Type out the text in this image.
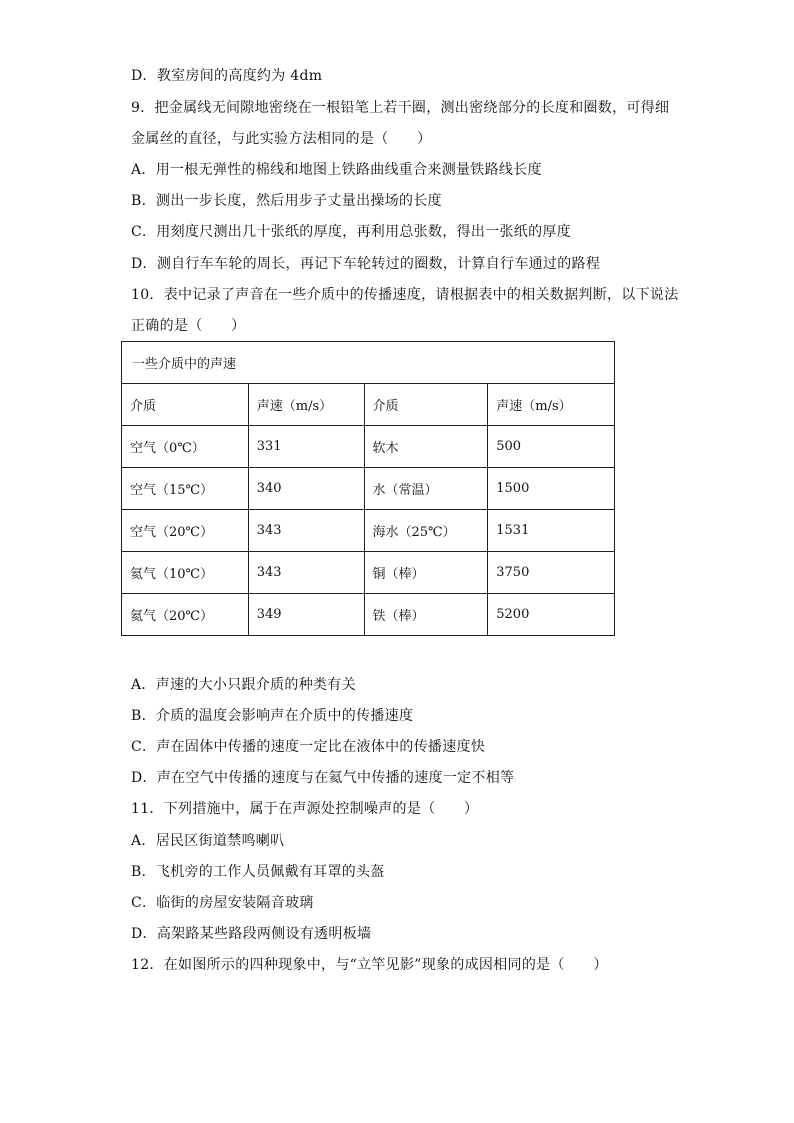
D．教室房间的高度约为 4dm
9．把金属线无间隙地密绕在一根铅笔上若干圈，测出密绕部分的长度和圈数，可得细
金属丝的直径，与此实验方法相同的是（　　）
A．用一根无弹性的棉线和地图上铁路曲线重合来测量铁路线长度
B．测出一步长度，然后用步子丈量出操场的长度
C．用刻度尺测出几十张纸的厚度，再利用总张数，得出一张纸的厚度
D．测自行车车轮的周长，再记下车轮转过的圈数，计算自行车通过的路程
10．表中记录了声音在一些介质中的传播速度，请根据表中的相关数据判断，以下说法
正确的是（　　）
一些介质中的声速			
介质	声速（m/s）	介质	声速（m/s）
空气（0℃）	331	软木	500
空气（15℃）	340	水（常温）	1500
空气（20℃）	343	海水（25℃）	1531
氦气（10℃）	343	铜（棒）	3750
氦气（20℃）	349	铁（棒）	5200
A．声速的大小只跟介质的种类有关
B．介质的温度会影响声在介质中的传播速度
C．声在固体中传播的速度一定比在液体中的传播速度快
D．声在空气中传播的速度与在氦气中传播的速度一定不相等
11．下列措施中，属于在声源处控制噪声的是（　　）
A．居民区街道禁鸣喇叭
B．飞机旁的工作人员佩戴有耳罩的头盔
C．临街的房屋安装隔音玻璃
D．高架路某些路段两侧设有透明板墙
12．在如图所示的四种现象中，与“立竿见影”现象的成因相同的是（　　）
